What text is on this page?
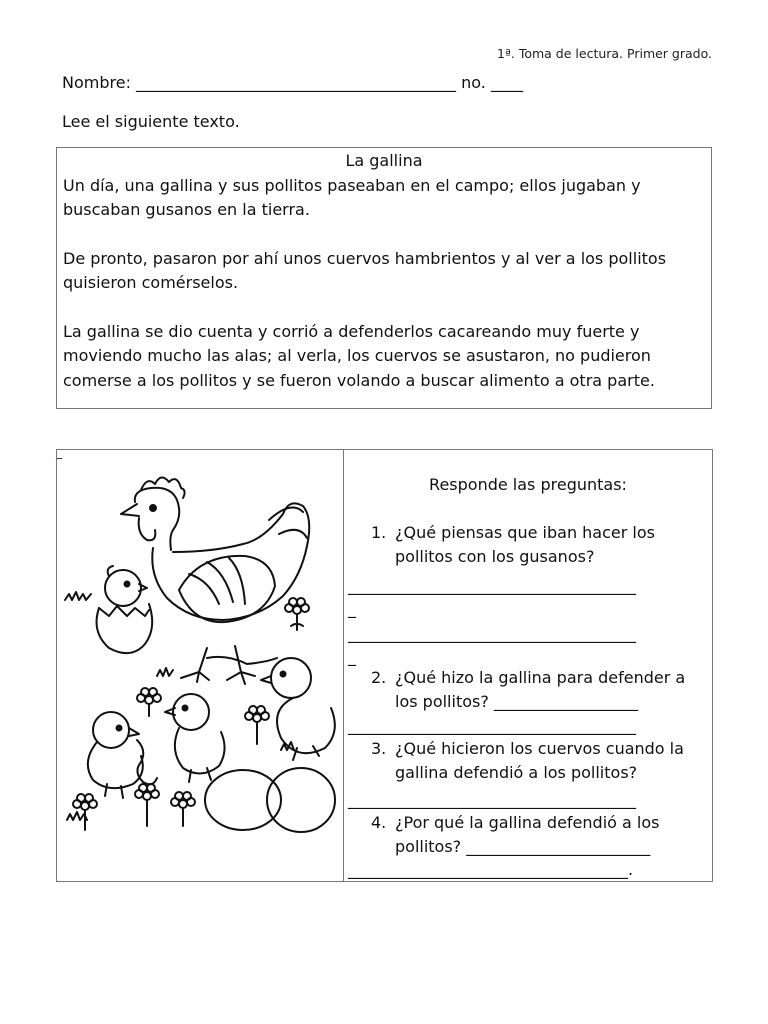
1ª. Toma de lectura. Primer grado.
Nombre: ________________________________________ no. ____
Lee el siguiente texto.
La gallina

Un día, una gallina y sus pollitos paseaban en el campo; ellos jugaban y buscaban gusanos en la tierra.

De pronto, pasaron por ahí unos cuervos hambrientos y al ver a los pollitos quisieron comérselos.

La gallina se dio cuenta y corrió a defenderlos cacareando muy fuerte y moviendo mucho las alas; al verla, los cuervos se asustaron, no pudieron comerse a los pollitos y se fueron volando a buscar alimento a otra parte.

_
Responde las preguntas:
1. ¿Qué piensas que iban hacer los pollitos con los gusanos?
____________________________________
_
____________________________________
_
2. ¿Qué hizo la gallina para defender a los pollitos? __________________
____________________________________
3. ¿Qué hicieron los cuervos cuando la gallina defendió a los pollitos?
____________________________________
4. ¿Por qué la gallina defendió a los pollitos? _______________________
___________________________________.
